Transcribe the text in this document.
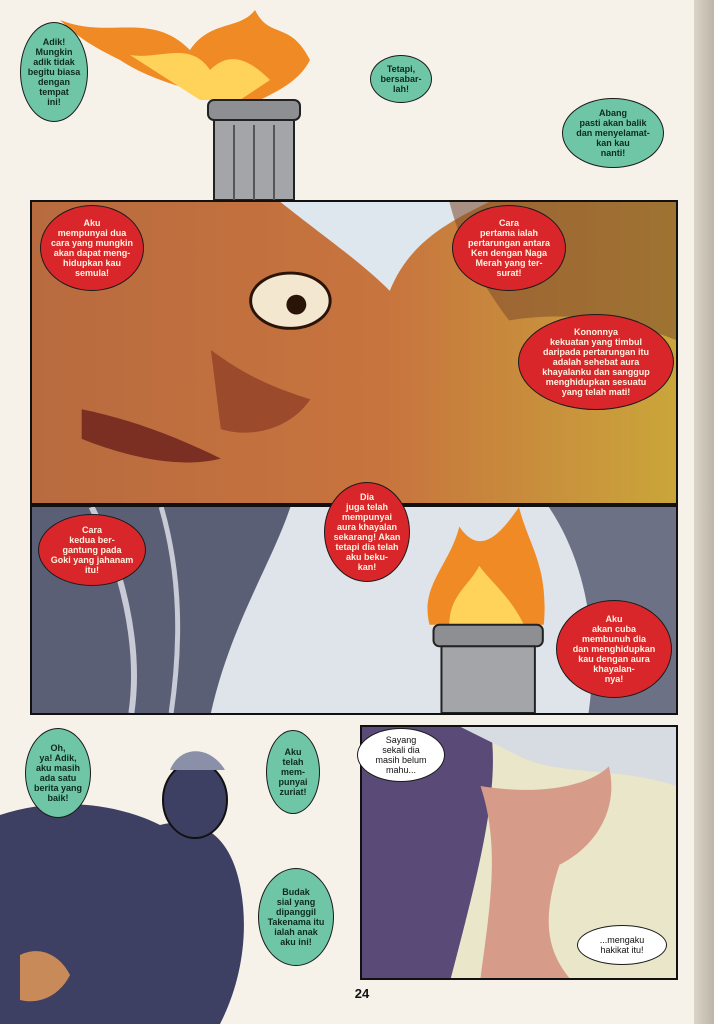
Adik!
Mungkin
adik tidak
begitu biasa
dengan
tempat
ini!
Tetapi,
bersabar-
lah!
Abang
pasti akan balik
dan menyelamat-
kan kau
nanti!
Aku
mempunyai dua
cara yang mungkin
akan dapat meng-
hidupkan kau
semula!
Cara
pertama ialah
pertarungan antara
Ken dengan Naga
Merah yang ter-
surat!
Kononnya
kekuatan yang timbul
daripada pertarungan itu
adalah sehebat aura
khayalanku dan sanggup
menghidupkan sesuatu
yang telah mati!
Cara
kedua ber-
gantung pada
Goki yang jahanam
itu!
Dia
juga telah
mempunyai
aura khayalan
sekarang! Akan
tetapi dia telah
aku beku-
kan!
Aku
akan cuba
membunuh dia
dan menghidupkan
kau dengan aura
khayalan-
nya!
Oh,
ya! Adik,
aku masih
ada satu
berita yang
baik!
Aku
telah
mem-
punyai
zuriat!
Sayang
sekali dia
masih belum
mahu...
Budak
sial yang
dipanggil
Takenama itu
ialah anak
aku ini!	...mengaku
hakikat itu!
24
